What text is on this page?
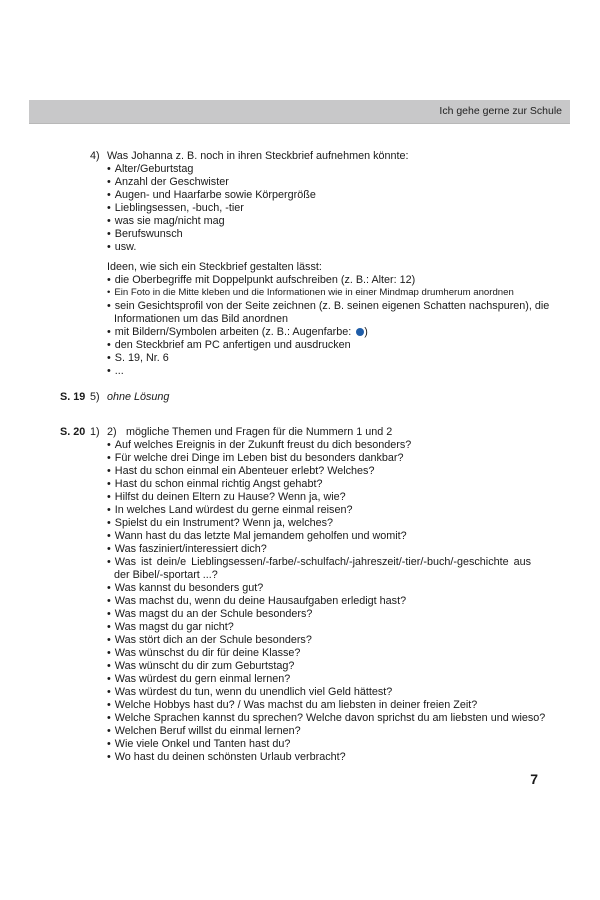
Ich gehe gerne zur Schule
4) Was Johanna z. B. noch in ihren Steckbrief aufnehmen könnte:
• Alter/Geburtstag
• Anzahl der Geschwister
• Augen- und Haarfarbe sowie Körpergröße
• Lieblingsessen, -buch, -tier
• was sie mag/nicht mag
• Berufswunsch
• usw.
Ideen, wie sich ein Steckbrief gestalten lässt:
• die Oberbegriffe mit Doppelpunkt aufschreiben (z. B.: Alter: 12)
• Ein Foto in die Mitte kleben und die Informationen wie in einer Mindmap drumherum anordnen
• sein Gesichtsprofil von der Seite zeichnen (z. B. seinen eigenen Schatten nachspuren), die
Informationen um das Bild anordnen
• mit Bildern/Symbolen arbeiten (z. B.: Augenfarbe: )
• den Steckbrief am PC anfertigen und ausdrucken
• S. 19, Nr. 6
• ...
S. 19 5) ohne Lösung
S. 20 1) 2) mögliche Themen und Fragen für die Nummern 1 und 2
• Auf welches Ereignis in der Zukunft freust du dich besonders?
• Für welche drei Dinge im Leben bist du besonders dankbar?
• Hast du schon einmal ein Abenteuer erlebt? Welches?
• Hast du schon einmal richtig Angst gehabt?
• Hilfst du deinen Eltern zu Hause? Wenn ja, wie?
• In welches Land würdest du gerne einmal reisen?
• Spielst du ein Instrument? Wenn ja, welches?
• Wann hast du das letzte Mal jemandem geholfen und womit?
• Was fasziniert/interessiert dich?
• Was ist dein/e Lieblingsessen/-farbe/-schulfach/-jahreszeit/-tier/-buch/-geschichte aus
der Bibel/-sportart ...?
• Was kannst du besonders gut?
• Was machst du, wenn du deine Hausaufgaben erledigt hast?
• Was magst du an der Schule besonders?
• Was magst du gar nicht?
• Was stört dich an der Schule besonders?
• Was wünschst du dir für deine Klasse?
• Was wünscht du dir zum Geburtstag?
• Was würdest du gern einmal lernen?
• Was würdest du tun, wenn du unendlich viel Geld hättest?
• Welche Hobbys hast du? / Was machst du am liebsten in deiner freien Zeit?
• Welche Sprachen kannst du sprechen? Welche davon sprichst du am liebsten und wieso?
• Welchen Beruf willst du einmal lernen?
• Wie viele Onkel und Tanten hast du?
• Wo hast du deinen schönsten Urlaub verbracht?
7
